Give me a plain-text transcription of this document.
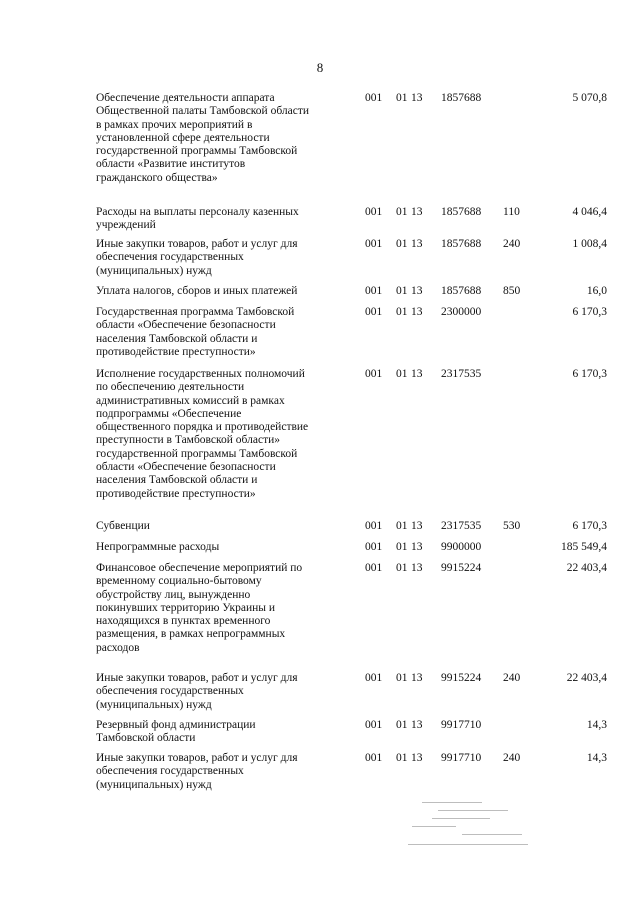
8
Обеспечение деятельности аппарата
Общественной палаты Тамбовской области
в рамках прочих мероприятий в
установленной сфере деятельности
государственной программы Тамбовской
области «Развитие институтов
гражданского общества»
001 01 13 1857688	5 070,8
Расходы на выплаты персоналу казенных
учреждений
001 01 13 1857688 110	4 046,4
Иные закупки товаров, работ и услуг для
обеспечения государственных
(муниципальных) нужд
001 01 13 1857688 240	1 008,4
Уплата налогов, сборов и иных платежей	001 01 13 1857688 850	16,0
Государственная программа Тамбовской
области «Обеспечение безопасности
населения Тамбовской области и
противодействие преступности»
001 01 13 2300000	6 170,3
Исполнение государственных полномочий
по обеспечению деятельности
административных комиссий в рамках
подпрограммы «Обеспечение
общественного порядка и противодействие
преступности в Тамбовской области»
государственной программы Тамбовской
области «Обеспечение безопасности
населения Тамбовской области и
противодействие преступности»
001 01 13 2317535	6 170,3
Субвенции	001 01 13 2317535 530	6 170,3
Непрограммные расходы	001 01 13 9900000	185 549,4
Финансовое обеспечение мероприятий по
временному социально-бытовому
обустройству лиц, вынужденно
покинувших территорию Украины и
находящихся в пунктах временного
размещения, в рамках непрограммных
расходов
001 01 13 9915224	22 403,4
Иные закупки товаров, работ и услуг для
обеспечения государственных
(муниципальных) нужд
001 01 13 9915224 240	22 403,4
Резервный фонд администрации
Тамбовской области
001 01 13 9917710	14,3
Иные закупки товаров, работ и услуг для
обеспечения государственных
(муниципальных) нужд
001 01 13 9917710 240	14,3
